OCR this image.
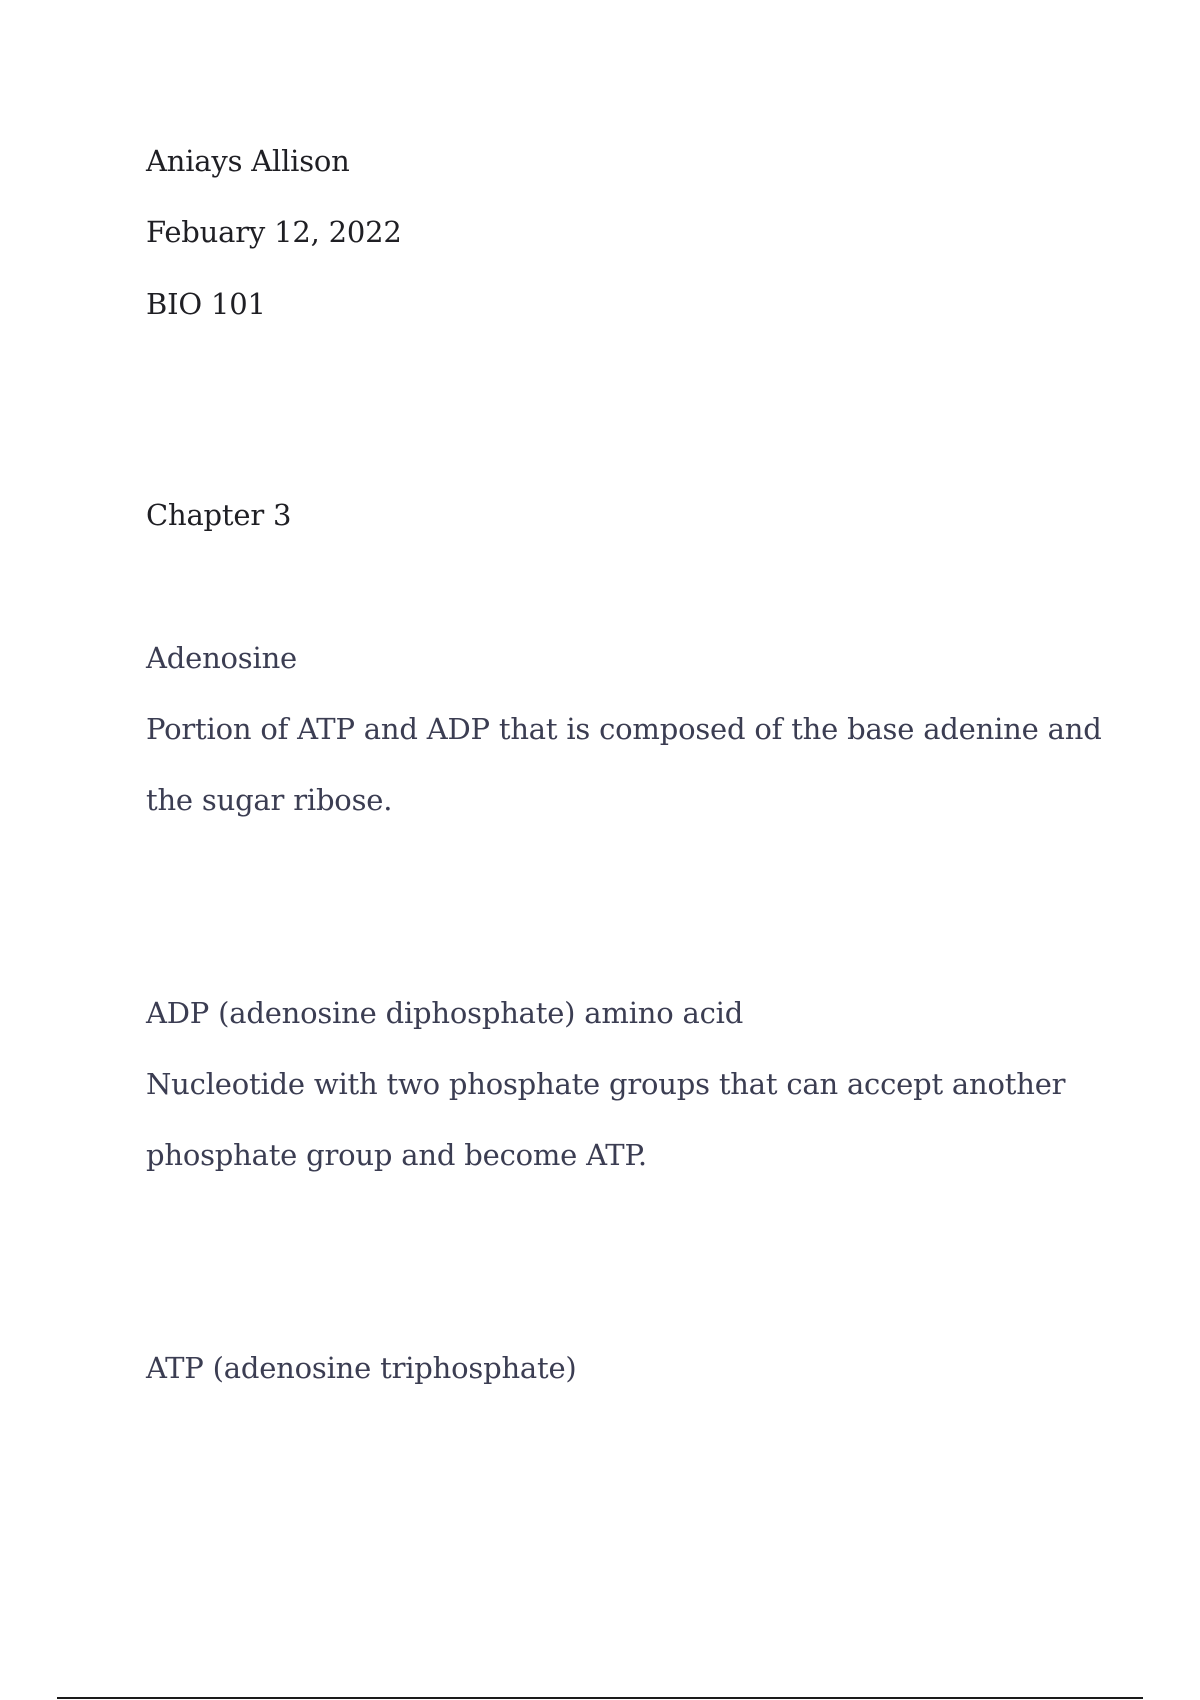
Aniays Allison
Febuary 12, 2022
BIO 101
Chapter 3
Adenosine
Portion of ATP and ADP that is composed of the base adenine and
the sugar ribose.
ADP (adenosine diphosphate) amino acid
Nucleotide with two phosphate groups that can accept another
phosphate group and become ATP.
ATP (adenosine triphosphate)
